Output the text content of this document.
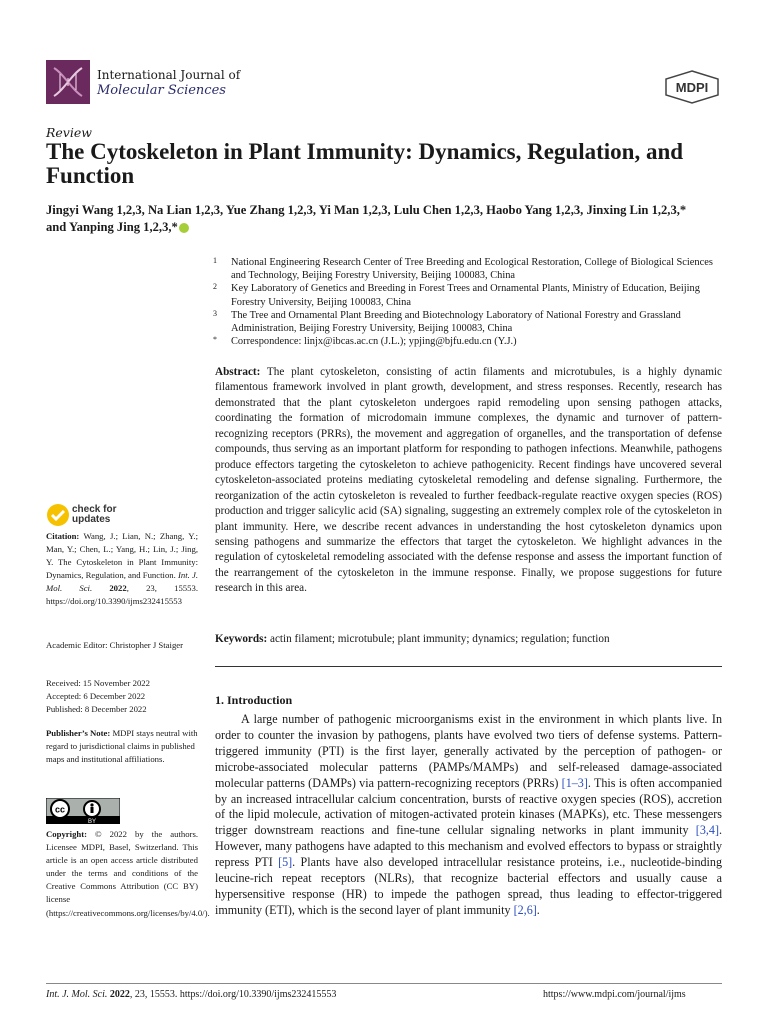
International Journal of
Molecular Sciences	MDPI
Review
The Cytoskeleton in Plant Immunity: Dynamics, Regulation, and Function
Jingyi Wang 1,2,3, Na Lian 1,2,3, Yue Zhang 1,2,3, Yi Man 1,2,3, Lulu Chen 1,2,3, Haobo Yang 1,2,3, Jinxing Lin 1,2,3,*
and Yanping Jing 1,2,3,*
1 National Engineering Research Center of Tree Breeding and Ecological Restoration, College of Biological Sciences and Technology, Beijing Forestry University, Beijing 100083, China
2 Key Laboratory of Genetics and Breeding in Forest Trees and Ornamental Plants, Ministry of Education, Beijing Forestry University, Beijing 100083, China
3 The Tree and Ornamental Plant Breeding and Biotechnology Laboratory of National Forestry and Grassland Administration, Beijing Forestry University, Beijing 100083, China
* Correspondence: linjx@ibcas.ac.cn (J.L.); ypjing@bjfu.edu.cn (Y.J.)
Abstract: The plant cytoskeleton, consisting of actin filaments and microtubules, is a highly dynamic filamentous framework involved in plant growth, development, and stress responses. Recently, research has demonstrated that the plant cytoskeleton undergoes rapid remodeling upon sensing pathogen attacks, coordinating the formation of microdomain immune complexes, the dynamic and turnover of pattern-recognizing receptors (PRRs), the movement and aggregation of organelles, and the transportation of defense compounds, thus serving as an important platform for responding to pathogen infections. Meanwhile, pathogens produce effectors targeting the cytoskeleton to achieve pathogenicity. Recent findings have uncovered several cytoskeleton-associated proteins mediating cytoskeletal remodeling and defense signaling. Furthermore, the reorganization of the actin cytoskeleton is revealed to further feedback-regulate reactive oxygen species (ROS) production and trigger salicylic acid (SA) signaling, suggesting an extremely complex role of the cytoskeleton in plant immunity. Here, we describe recent advances in understanding the host cytoskeleton dynamics upon sensing pathogens and summarize the effectors that target the cytoskeleton. We highlight advances in the regulation of cytoskeletal remodeling associated with the defense response and assess the important function of the rearrangement of the cytoskeleton in the immune response. Finally, we propose suggestions for future research in this area.
Keywords: actin filament; microtubule; plant immunity; dynamics; regulation; function
1. Introduction
A large number of pathogenic microorganisms exist in the environment in which plants live. In order to counter the invasion by pathogens, plants have evolved two tiers of defense systems. Pattern-triggered immunity (PTI) is the first layer, generally activated by the perception of pathogen- or microbe-associated molecular patterns (PAMPs/MAMPs) and self-released damage-associated molecular patterns (DAMPs) via pattern-recognizing receptors (PRRs) [1–3]. This is often accompanied by an increased intracellular calcium concentration, bursts of reactive oxygen species (ROS), accretion of the lipid molecule, activation of mitogen-activated protein kinases (MAPKs), etc. These messengers trigger downstream reactions and fine-tune cellular signaling networks in plant immunity [3,4]. However, many pathogens have adapted to this mechanism and evolved effectors to bypass or straightly repress PTI [5]. Plants have also developed intracellular resistance proteins, i.e., nucleotide-binding leucine-rich repeat receptors (NLRs), that recognize bacterial effectors and usually cause a hypersensitive response (HR) to impede the pathogen spread, thus leading to effector-triggered immunity (ETI), which is the second layer of plant immunity [2,6].
check for
updates
Citation: Wang, J.; Lian, N.; Zhang, Y.; Man, Y.; Chen, L.; Yang, H.; Lin, J.; Jing, Y. The Cytoskeleton in Plant Immunity: Dynamics, Regulation, and Function. Int. J. Mol. Sci. 2022, 23, 15553. https://doi.org/10.3390/ijms232415553
Academic Editor: Christopher J Staiger
Received: 15 November 2022
Accepted: 6 December 2022
Published: 8 December 2022
Publisher’s Note: MDPI stays neutral with regard to jurisdictional claims in published maps and institutional affiliations.
cc
BY
Copyright: © 2022 by the authors. Licensee MDPI, Basel, Switzerland. This article is an open access article distributed under the terms and conditions of the Creative Commons Attribution (CC BY) license (https://creativecommons.org/licenses/by/4.0/).
Int. J. Mol. Sci. 2022, 23, 15553. https://doi.org/10.3390/ijms232415553	https://www.mdpi.com/journal/ijms
